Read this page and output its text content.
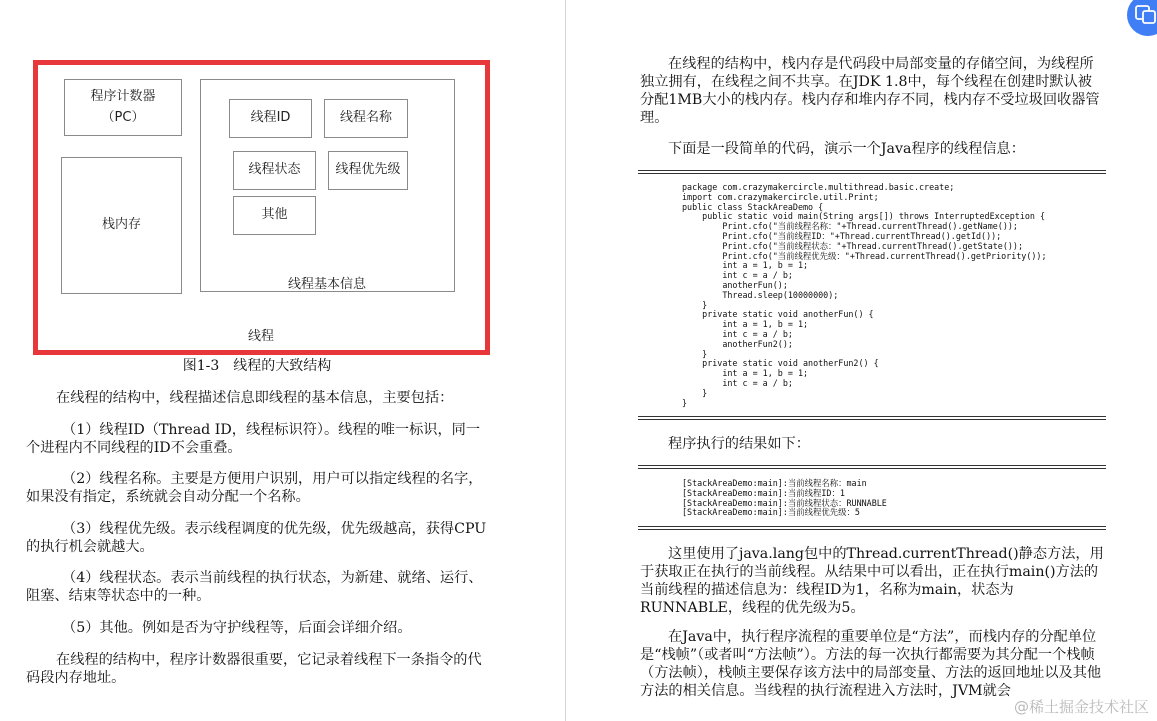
程序计数器
（PC）
栈内存
线程基本信息
线程ID	线程名称
线程状态	线程优先级
其他
线程
图1-3　线程的大致结构

在线程的结构中，线程描述信息即线程的基本信息，主要包括：

（1）线程ID（Thread ID，线程标识符）。线程的唯一标识，同一个进程内不同线程的ID不会重叠。

（2）线程名称。主要是方便用户识别，用户可以指定线程的名字，如果没有指定，系统就会自动分配一个名称。

（3）线程优先级。表示线程调度的优先级，优先级越高，获得CPU的执行机会就越大。

（4）线程状态。表示当前线程的执行状态，为新建、就绪、运行、阻塞、结束等状态中的一种。

（5）其他。例如是否为守护线程等，后面会详细介绍。

在线程的结构中，程序计数器很重要，它记录着线程下一条指令的代码段内存地址。

在线程的结构中，栈内存是代码段中局部变量的存储空间，为线程所独立拥有，在线程之间不共享。在JDK 1.8中，每个线程在创建时默认被分配1MB大小的栈内存。栈内存和堆内存不同，栈内存不受垃圾回收器管理。

下面是一段简单的代码，演示一个Java程序的线程信息：

package com.crazymakercircle.multithread.basic.create;
import com.crazymakercircle.util.Print;
public class StackAreaDemo {
public static void main(String args[]) throws InterruptedException {
Print.cfo("当前线程名称："+Thread.currentThread().getName());
Print.cfo("当前线程ID："+Thread.currentThread().getId());
Print.cfo("当前线程状态："+Thread.currentThread().getState());
Print.cfo("当前线程优先级："+Thread.currentThread().getPriority());
int a = 1, b = 1;
int c = a / b;
anotherFun();
Thread.sleep(10000000);
}
private static void anotherFun() {
int a = 1, b = 1;
int c = a / b;
anotherFun2();
}
private static void anotherFun2() {
int a = 1, b = 1;
int c = a / b;
}
}

程序执行的结果如下：

[StackAreaDemo:main]:当前线程名称：main
[StackAreaDemo:main]:当前线程ID：1
[StackAreaDemo:main]:当前线程状态：RUNNABLE
[StackAreaDemo:main]:当前线程优先级：5

这里使用了java.lang包中的Thread.currentThread()静态方法，用于获取正在执行的当前线程。从结果中可以看出，正在执行main()方法的当前线程的描述信息为：线程ID为1，名称为main，状态为RUNNABLE，线程的优先级为5。

在Java中，执行程序流程的重要单位是“方法”，而栈内存的分配单位是“栈帧”（或者叫“方法帧”）。方法的每一次执行都需要为其分配一个栈帧（方法帧），栈帧主要保存该方法中的局部变量、方法的返回地址以及其他方法的相关信息。当线程的执行流程进入方法时，JVM就会

@稀土掘金技术社区
